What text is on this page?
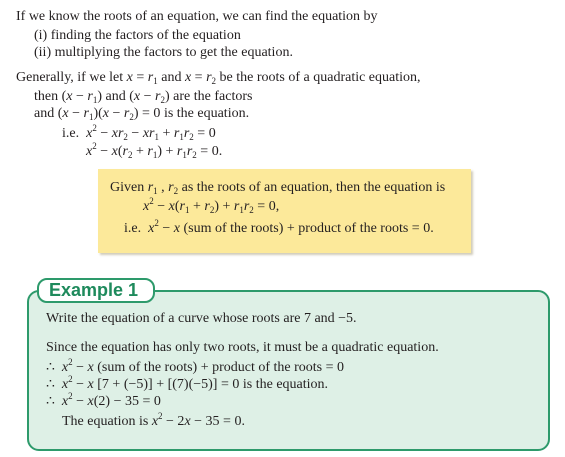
If we know the roots of an equation, we can find the equation by
(i) finding the factors of the equation
(ii) multiplying the factors to get the equation.
Generally, if we let $x = r_1$ and $x = r_2$ be the roots of a quadratic equation,
then $(x - r_1)$ and $(x - r_2)$ are the factors
and $(x - r_1)(x - r_2) = 0$ is the equation.
i.e. $x^2 - xr_2 - xr_1 + r_1r_2 = 0$
$x^2 - x(r_2 + r_1) + r_1r_2 = 0$.
Given $r_1$ , $r_2$ as the roots of an equation, then the equation is
$x^2 - x(r_1 + r_2) + r_1r_2 = 0$,
i.e. $x^2 - x$ (sum of the roots) + product of the roots = 0.
Example 1
Write the equation of a curve whose roots are 7 and −5.
Since the equation has only two roots, it must be a quadratic equation.
∴ $x^2 - x$ (sum of the roots) + product of the roots = 0
∴ $x^2 - x$ [7 + (−5)] + [(7)(−5)] = 0 is the equation.
∴ $x^2 - x(2) - 35 = 0$
The equation is $x^2 - 2x - 35 = 0$.
